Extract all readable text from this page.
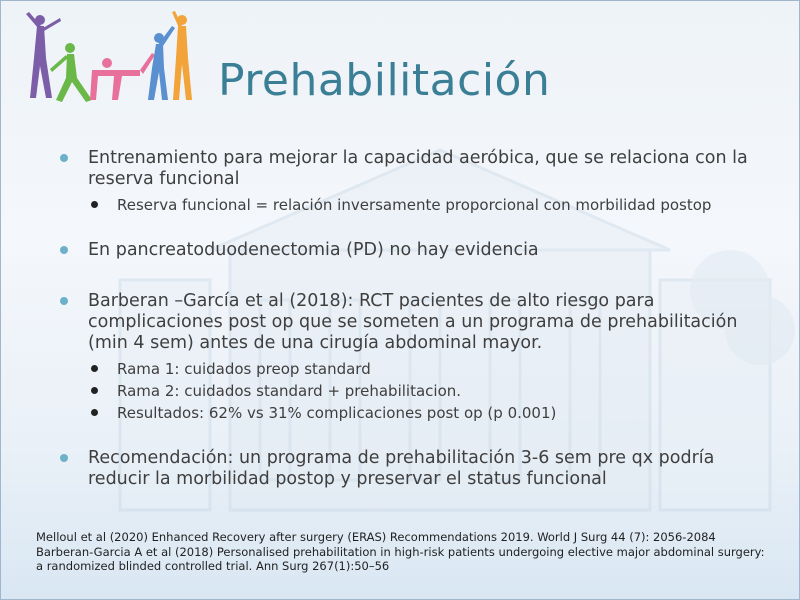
Prehabilitación
Entrenamiento para mejorar la capacidad aeróbica, que se relaciona con la reserva funcional
Reserva funcional = relación inversamente proporcional con morbilidad postop
En pancreatoduodenectomia (PD) no hay evidencia
Barberan –García et al (2018): RCT pacientes de alto riesgo para complicaciones post op que se someten a un programa de prehabilitación (min 4 sem) antes de una cirugía abdominal mayor.
Rama 1: cuidados preop standard
Rama 2: cuidados standard + prehabilitacion.
Resultados: 62% vs 31% complicaciones post op (p 0.001)
Recomendación: un programa de prehabilitación 3-6 sem pre qx podría reducir la morbilidad postop y preservar el status funcional
Melloul et al (2020) Enhanced Recovery after surgery (ERAS) Recommendations 2019. World J Surg 44 (7): 2056-2084
Barberan-Garcia A et al (2018) Personalised prehabilitation in high-risk patients undergoing elective major abdominal surgery: a randomized blinded controlled trial. Ann Surg 267(1):50–56
